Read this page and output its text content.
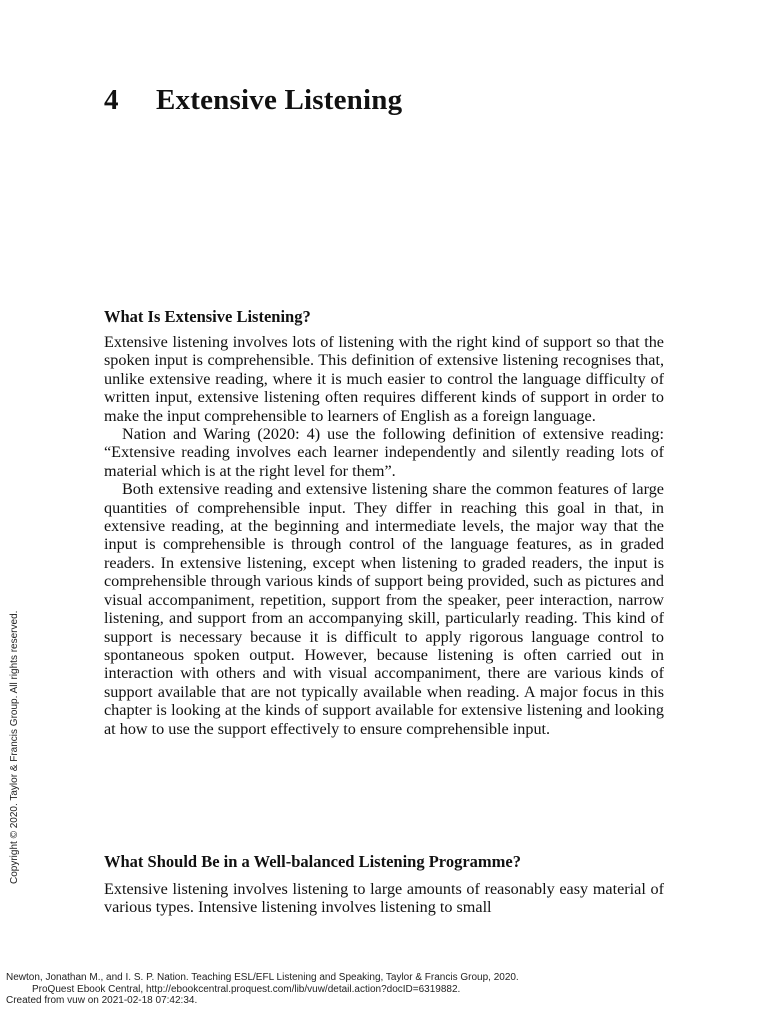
4 Extensive Listening
What Is Extensive Listening?

Extensive listening involves lots of listening with the right kind of support so that the spoken input is comprehensible. This definition of extensive listening recognises that, unlike extensive reading, where it is much easier to control the language difficulty of written input, extensive listening often requires different kinds of support in order to make the input comprehensible to learners of English as a foreign language.

Nation and Waring (2020: 4) use the following definition of extensive reading: “Extensive reading involves each learner independently and silently reading lots of material which is at the right level for them”.

Both extensive reading and extensive listening share the common features of large quantities of comprehensible input. They differ in reaching this goal in that, in extensive reading, at the beginning and intermediate levels, the major way that the input is comprehensible is through control of the language features, as in graded readers. In extensive listening, except when listening to graded readers, the input is comprehensible through various kinds of support being provided, such as pictures and visual accompaniment, repetition, support from the speaker, peer interaction, narrow listening, and support from an accompanying skill, particularly reading. This kind of support is necessary because it is difficult to apply rigorous language control to spontaneous spoken output. However, because listening is often carried out in interaction with others and with visual accompaniment, there are various kinds of support available that are not typically available when reading. A major focus in this chapter is looking at the kinds of support available for extensive listening and looking at how to use the support effectively to ensure comprehensible input.

What Should Be in a Well-balanced Listening Programme?

Extensive listening involves listening to large amounts of reasonably easy material of various types. Intensive listening involves listening to small

Copyright © 2020. Taylor & Francis Group. All rights reserved.
Newton, Jonathan M., and I. S. P. Nation. Teaching ESL/EFL Listening and Speaking, Taylor & Francis Group, 2020.
ProQuest Ebook Central, http://ebookcentral.proquest.com/lib/vuw/detail.action?docID=6319882.
Created from vuw on 2021-02-18 07:42:34.
